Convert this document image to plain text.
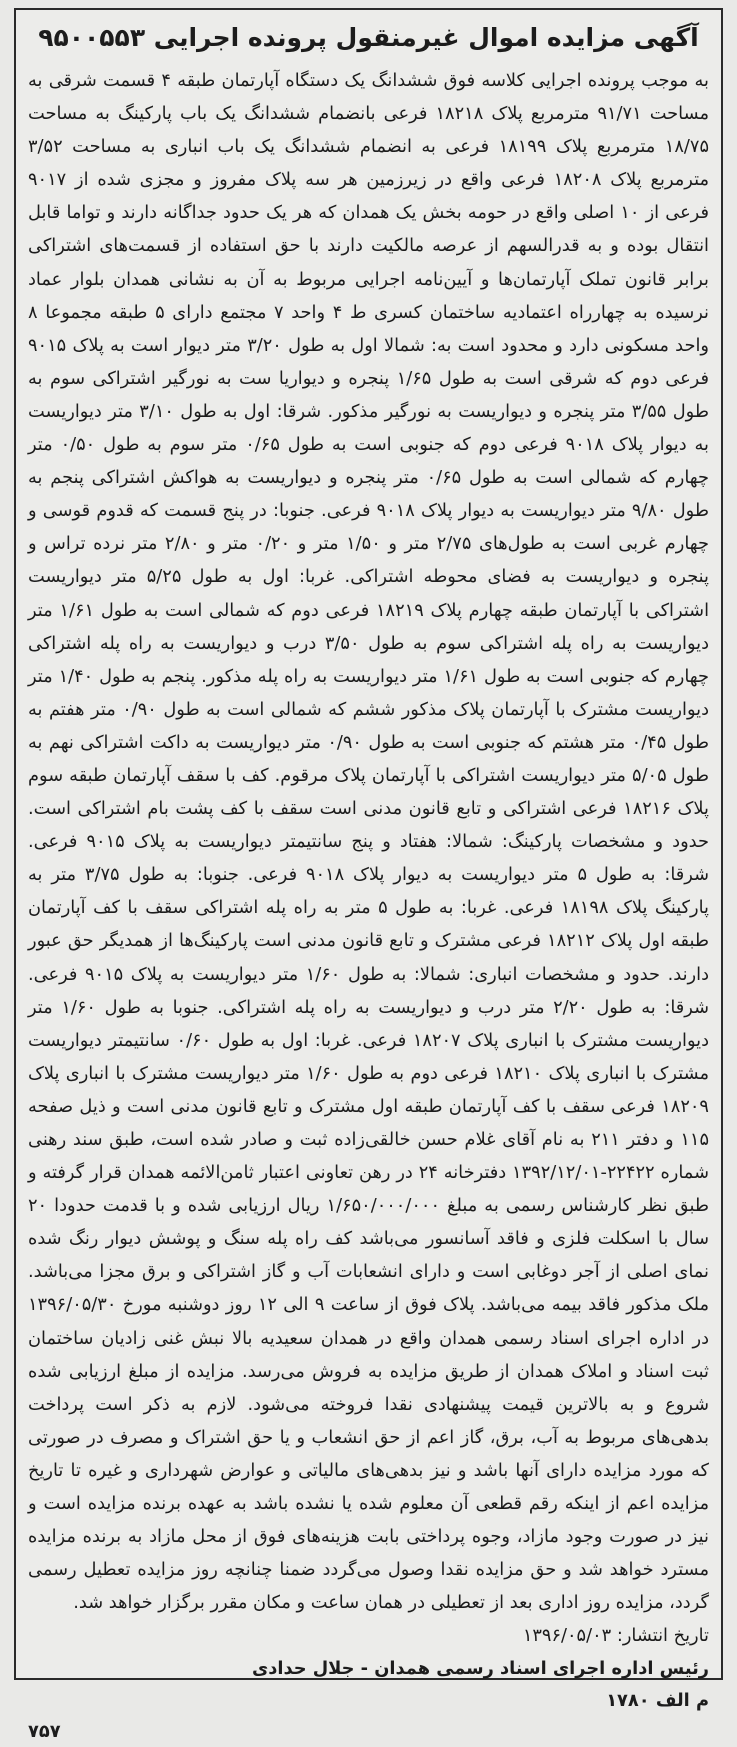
آگهی مزایده اموال غیرمنقول پرونده اجرایی ۹۵۰۰۵۵۳

به موجب پرونده اجرایی کلاسه فوق ششدانگ یک دستگاه آپارتمان طبقه ۴ قسمت شرقی به مساحت ۹۱/۷۱ مترمربع پلاک ۱۸۲۱۸ فرعی بانضمام ششدانگ یک باب پارکینگ به مساحت ۱۸/۷۵ مترمربع پلاک ۱۸۱۹۹ فرعی به انضمام ششدانگ یک باب انباری به مساحت ۳/۵۲ مترمربع پلاک ۱۸۲۰۸ فرعی واقع در زیرزمین هر سه پلاک مفروز و مجزی شده از ۹۰۱۷ فرعی از ۱۰ اصلی واقع در حومه بخش یک همدان که هر یک حدود جداگانه دارند و تواما قابل انتقال بوده و به قدرالسهم از عرصه مالکیت دارند با حق استفاده از قسمت‌های اشتراکی برابر قانون تملک آپارتمان‌ها و آیین‌نامه اجرایی مربوط به آن به نشانی همدان بلوار عماد نرسیده به چهارراه اعتمادیه ساختمان کسری ط ۴ واحد ۷ مجتمع دارای ۵ طبقه مجموعا ۸ واحد مسکونی دارد و محدود است به: شمالا اول به طول ۳/۲۰ متر دیوار است به پلاک ۹۰۱۵ فرعی دوم که شرقی است به طول ۱/۶۵ پنجره و دیواریا ست به نورگیر اشتراکی سوم به طول ۳/۵۵ متر پنجره و دیواریست به نورگیر مذکور. شرقا: اول به طول ۳/۱۰ متر دیواریست به دیوار پلاک ۹۰۱۸ فرعی دوم که جنوبی است به طول ۰/۶۵ متر سوم به طول ۰/۵۰ متر چهارم که شمالی است به طول ۰/۶۵ متر پنجره و دیواریست به هواکش اشتراکی پنجم به طول ۹/۸۰ متر دیواریست به دیوار پلاک ۹۰۱۸ فرعی. جنوبا: در پنج قسمت که قدوم قوسی و چهارم غربی است به طول‌های ۲/۷۵ متر و ۱/۵۰ متر و ۰/۲۰ متر و ۲/۸۰ متر نرده تراس و پنجره و دیواریست به فضای محوطه اشتراکی. غربا: اول به طول ۵/۲۵ متر دیواریست اشتراکی با آپارتمان طبقه چهارم پلاک ۱۸۲۱۹ فرعی دوم که شمالی است به طول ۱/۶۱ متر دیواریست به راه پله اشتراکی سوم به طول ۳/۵۰ درب و دیواریست به راه پله اشتراکی چهارم که جنوبی است به طول ۱/۶۱ متر دیواریست به راه پله مذکور. پنجم به طول ۱/۴۰ متر دیواریست مشترک با آپارتمان پلاک مذکور ششم که شمالی است به طول ۰/۹۰ متر هفتم به طول ۰/۴۵ متر هشتم که جنوبی است به طول ۰/۹۰ متر دیواریست به داکت اشتراکی نهم به طول ۵/۰۵ متر دیواریست اشتراکی با آپارتمان پلاک مرقوم. کف با سقف آپارتمان طبقه سوم پلاک ۱۸۲۱۶ فرعی اشتراکی و تابع قانون مدنی است سقف با کف پشت بام اشتراکی است. حدود و مشخصات پارکینگ: شمالا: هفتاد و پنج سانتیمتر دیواریست به پلاک ۹۰۱۵ فرعی. شرقا: به طول ۵ متر دیواریست به دیوار پلاک ۹۰۱۸ فرعی. جنوبا: به طول ۳/۷۵ متر به پارکینگ پلاک ۱۸۱۹۸ فرعی. غربا: به طول ۵ متر به راه پله اشتراکی سقف با کف آپارتمان طبقه اول پلاک ۱۸۲۱۲ فرعی مشترک و تابع قانون مدنی است پارکینگ‌ها از همدیگر حق عبور دارند. حدود و مشخصات انباری: شمالا: به طول ۱/۶۰ متر دیواریست به پلاک ۹۰۱۵ فرعی. شرقا: به طول ۲/۲۰ متر درب و دیواریست به راه پله اشتراکی. جنوبا به طول ۱/۶۰ متر دیواریست مشترک با انباری پلاک ۱۸۲۰۷ فرعی. غربا: اول به طول ۰/۶۰ سانتیمتر دیواریست مشترک با انباری پلاک ۱۸۲۱۰ فرعی دوم به طول ۱/۶۰ متر دیواریست مشترک با انباری پلاک ۱۸۲۰۹ فرعی سقف با کف آپارتمان طبقه اول مشترک و تابع قانون مدنی است و ذیل صفحه ۱۱۵ و دفتر ۲۱۱ به نام آقای غلام حسن خالقی‌زاده ثبت و صادر شده است، طبق سند رهنی شماره ۲۲۴۲۲-۱۳۹۲/۱۲/۰۱ دفترخانه ۲۴ در رهن تعاونی اعتبار ثامن‌الائمه همدان قرار گرفته و طبق نظر کارشناس رسمی به مبلغ ۱/۶۵۰/۰۰۰/۰۰۰ ریال ارزیابی شده و با قدمت حدودا ۲۰ سال با اسکلت فلزی و فاقد آسانسور می‌باشد کف راه پله سنگ و پوشش دیوار رنگ شده نمای اصلی از آجر دوغابی است و دارای انشعابات آب و گاز اشتراکی و برق مجزا می‌باشد. ملک مذکور فاقد بیمه می‌باشد. پلاک فوق از ساعت ۹ الی ۱۲ روز دوشنبه مورخ ۱۳۹۶/۰۵/۳۰ در اداره اجرای اسناد رسمی همدان واقع در همدان سعیدیه بالا نبش غنی زادیان ساختمان ثبت اسناد و املاک همدان از طریق مزایده به فروش می‌رسد. مزایده از مبلغ ارزیابی شده شروع و به بالاترین قیمت پیشنهادی نقدا فروخته می‌شود. لازم به ذکر است پرداخت بدهی‌های مربوط به آب، برق، گاز اعم از حق انشعاب و یا حق اشتراک و مصرف در صورتی که مورد مزایده دارای آنها باشد و نیز بدهی‌های مالیاتی و عوارض شهرداری و غیره تا تاریخ مزایده اعم از اینکه رقم قطعی آن معلوم شده یا نشده باشد به عهده برنده مزایده است و نیز در صورت وجود مازاد، وجوه پرداختی بابت هزینه‌های فوق از محل مازاد به برنده مزایده مسترد خواهد شد و حق مزایده نقدا وصول می‌گردد ضمنا چنانچه روز مزایده تعطیل رسمی گردد، مزایده روز اداری بعد از تعطیلی در همان ساعت و مکان مقرر برگزار خواهد شد.

تاریخ انتشار: ۱۳۹۶/۰۵/۰۳

رئیس اداره اجرای اسناد رسمی همدان - جلال حدادی
م الف ۱۷۸۰
۷۵۷
